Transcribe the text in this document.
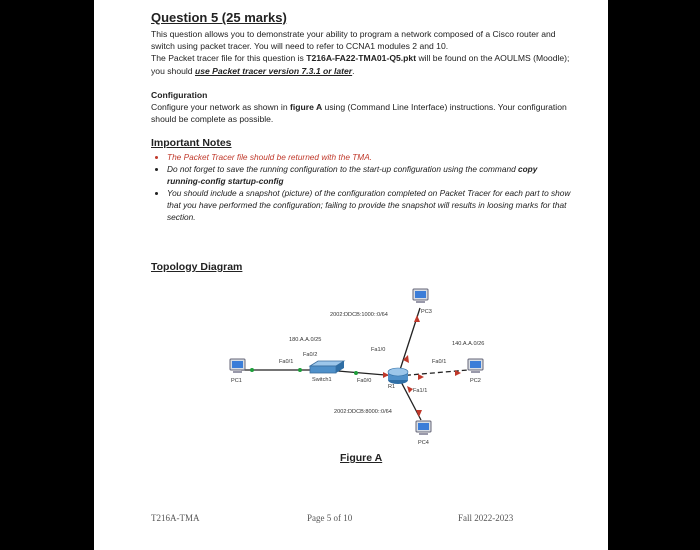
Question 5 (25 marks)

This question allows you to demonstrate your ability to program a network composed of a Cisco router and switch using packet tracer. You will need to refer to CCNA1 modules 2 and 10.

The Packet tracer file for this question is T216A-FA22-TMA01-Q5.pkt will be found on the AOULMS (Moodle); you should use Packet tracer version 7.3.1 or later.

Configuration

Configure your network as shown in figure A using (Command Line Interface) instructions. Your configuration should be complete as possible.

Important Notes
• The Packet Tracer file should be returned with the TMA.
• Do not forget to save the running configuration to the start-up configuration using the command copy running-config startup-config
• You should include a snapshot (picture) of the configuration completed on Packet Tracer for each part to show that you have performed the configuration; failing to provide the snapshot will results in loosing marks for that section.
Topology Diagram
2002:DDCB:1000::0/64	PC3
180.A.A.0/25
140.A.A.0/26
Fa0/1
Fa0/2
Switch1
Fa1/0
Fa0/1
Fa0/0
R1
Fa1/1
PC1	PC2
2002:DDCB:8000::0/64
PC4
Figure A
T216A-TMA	Page 5 of 10	Fall 2022-2023
